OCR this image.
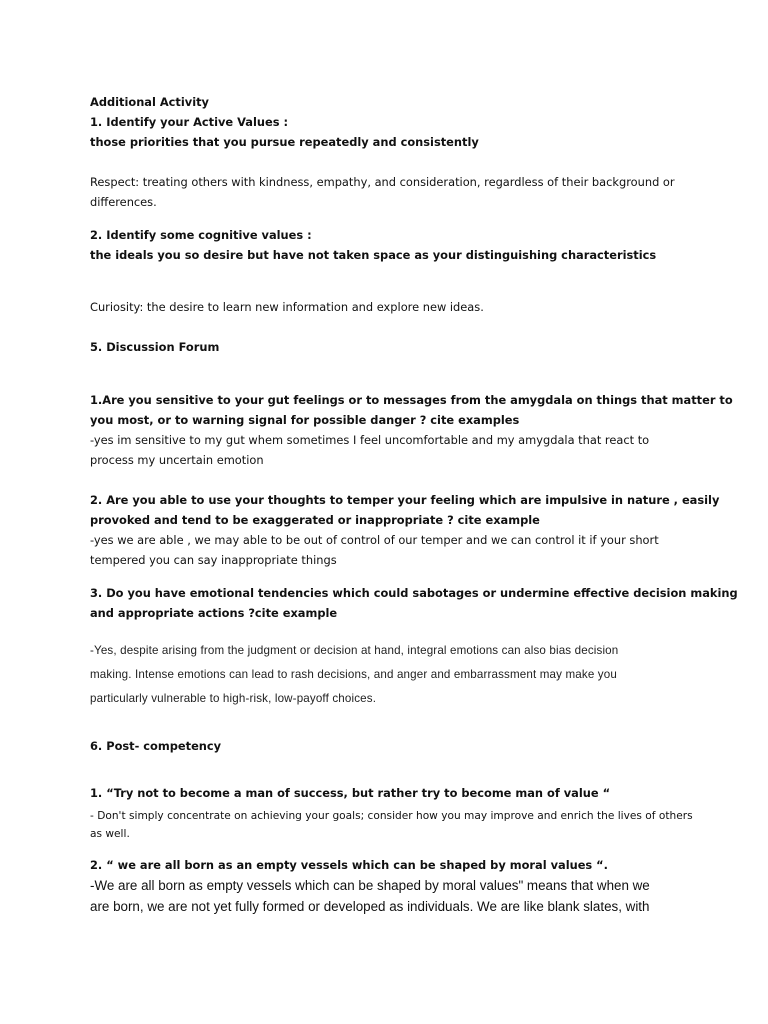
Additional Activity
1. Identify your Active Values :
those priorities that you pursue repeatedly and consistently
Respect: treating others with kindness, empathy, and consideration, regardless of their background or
differences.
2. Identify some cognitive values :
the ideals you so desire but have not taken space as your distinguishing characteristics
Curiosity: the desire to learn new information and explore new ideas.
5. Discussion Forum
1.Are you sensitive to your gut feelings or to messages from the amygdala on things that matter to
you most, or to warning signal for possible danger ? cite examples
-yes im sensitive to my gut whem sometimes I feel uncomfortable and my amygdala that react to
process my uncertain emotion
2. Are you able to use your thoughts to temper your feeling which are impulsive in nature , easily
provoked and tend to be exaggerated or inappropriate ? cite example
-yes we are able , we may able to be out of control of our temper and we can control it if your short
tempered you can say inappropriate things
3. Do you have emotional tendencies which could sabotages or undermine effective decision making
and appropriate actions ?cite example
-Yes, despite arising from the judgment or decision at hand, integral emotions can also bias decision
making. Intense emotions can lead to rash decisions, and anger and embarrassment may make you
particularly vulnerable to high-risk, low-payoff choices.
6. Post- competency
1. “Try not to become a man of success, but rather try to become man of value “
- Don't simply concentrate on achieving your goals; consider how you may improve and enrich the lives of others
as well.
2. “ we are all born as an empty vessels which can be shaped by moral values “.
-We are all born as empty vessels which can be shaped by moral values" means that when we
are born, we are not yet fully formed or developed as individuals. We are like blank slates, with
